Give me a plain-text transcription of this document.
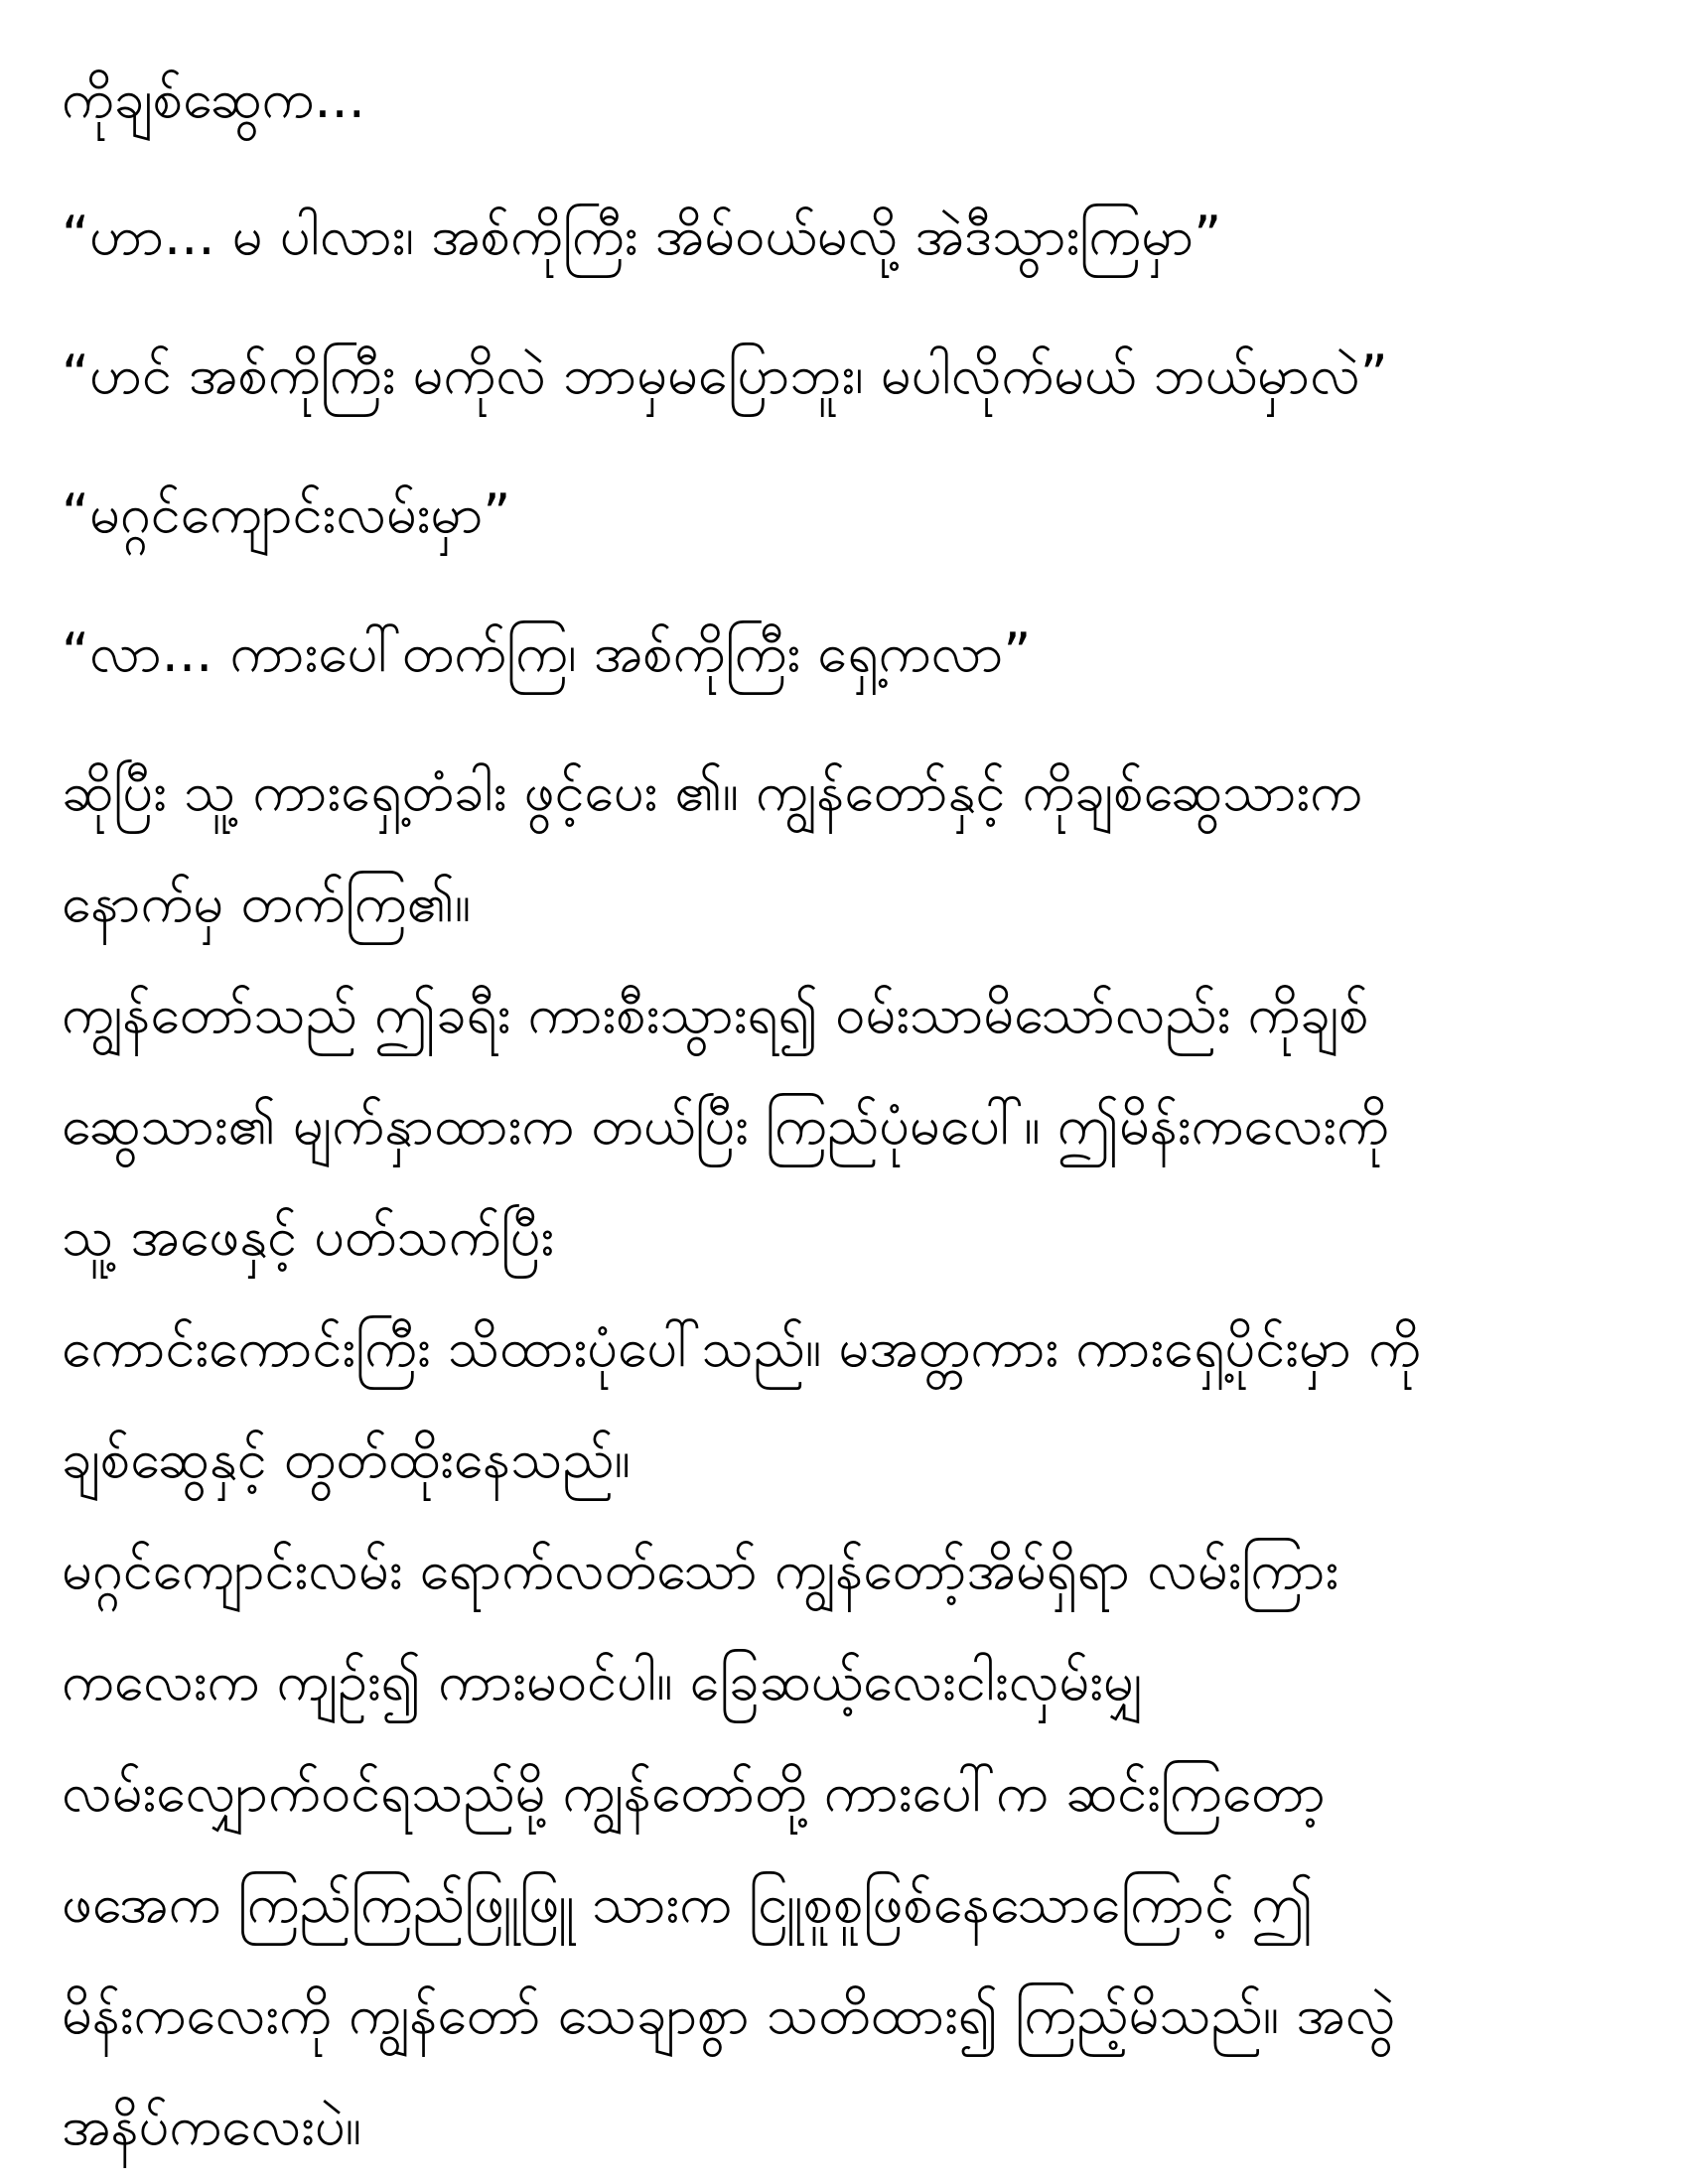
ကိုချစ်ဆွေက...
“ဟာ... မ ပါလား၊ အစ်ကိုကြီး အိမ်ဝယ်မလို့ အဲဒီသွားကြမှာ”
“ဟင် အစ်ကိုကြီး မကိုလဲ ဘာမှမပြောဘူး၊ မပါလိုက်မယ် ဘယ်မှာလဲ”
“မဂ္ဂင်ကျောင်းလမ်းမှာ”
“လာ... ကားပေါ်တက်ကြ၊ အစ်ကိုကြီး ရှေ့ကလာ”
ဆိုပြီး သူ့ ကားရှေ့တံခါး ဖွင့်ပေး ၏။ ကျွန်တော်နှင့် ကိုချစ်ဆွေသားက
နောက်မှ တက်ကြ၏။
ကျွန်တော်သည် ဤခရီး ကားစီးသွားရ၍ ဝမ်းသာမိသော်လည်း ကိုချစ်
ဆွေသား၏ မျက်နှာထားက တယ်ပြီး ကြည်ပုံမပေါ်။ ဤမိန်းကလေးကို
သူ့ အဖေနှင့် ပတ်သက်ပြီး
ကောင်းကောင်းကြီး သိထားပုံပေါ်သည်။ မအတ္တကား ကားရှေ့ပိုင်းမှာ ကို
ချစ်ဆွေနှင့် တွတ်ထိုးနေသည်။
မဂ္ဂင်ကျောင်းလမ်း ရောက်လတ်သော် ကျွန်တော့်အိမ်ရှိရာ လမ်းကြား
ကလေးက ကျဉ်း၍ ကားမဝင်ပါ။ ခြေဆယ့်လေးငါးလှမ်းမျှ
လမ်းလျှောက်ဝင်ရသည်မို့ ကျွန်တော်တို့ ကားပေါ်က ဆင်းကြတော့
ဖအေက ကြည်ကြည်ဖြူဖြူ သားက ငြူစူစူဖြစ်နေသောကြောင့် ဤ
မိန်းကလေးကို ကျွန်တော် သေချာစွာ သတိထား၍ ကြည့်မိသည်။ အလွဲ
အနိပ်ကလေးပဲ။
